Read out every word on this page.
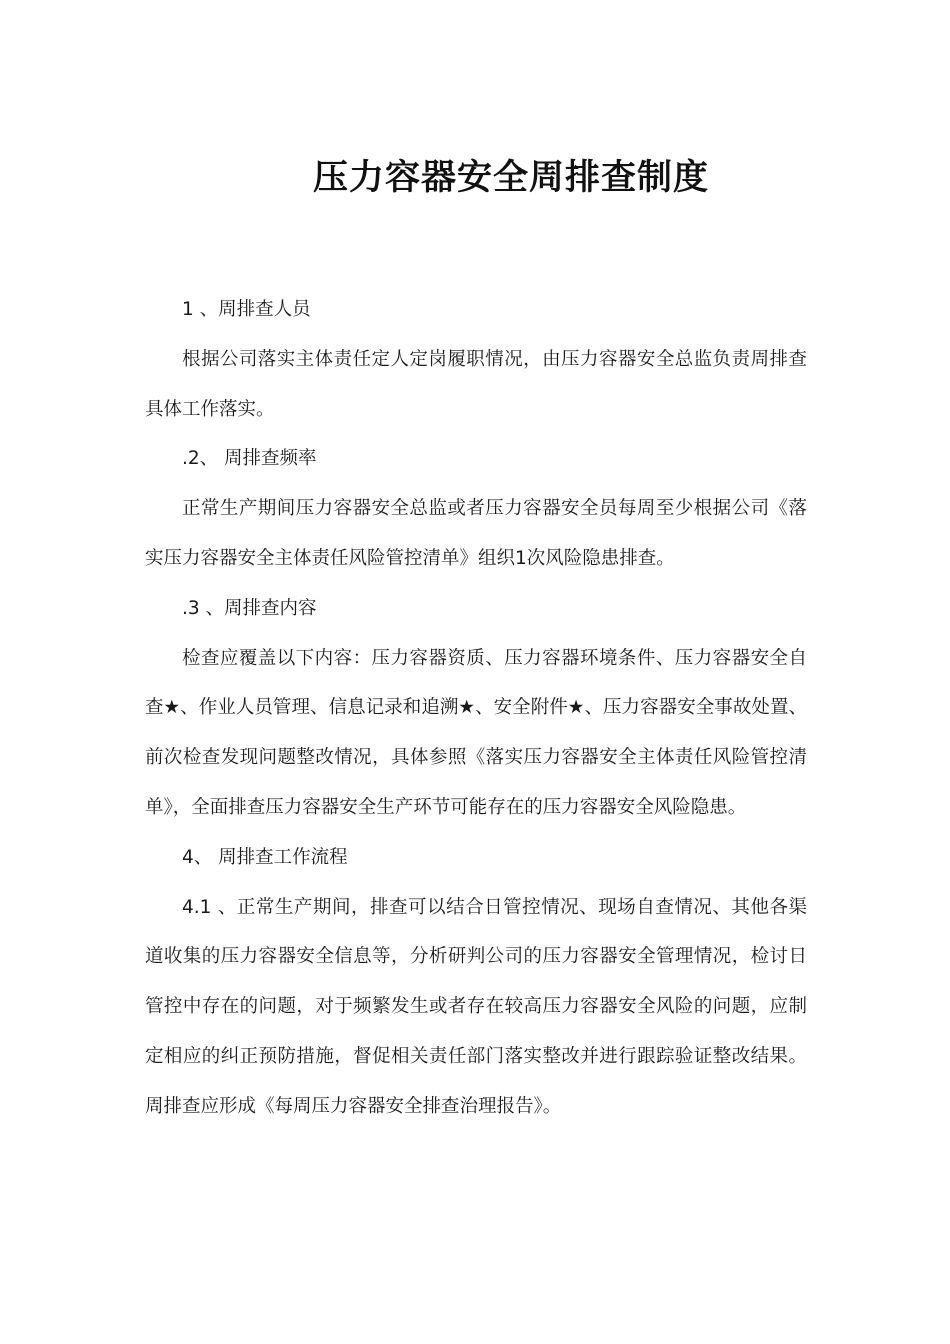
压力容器安全周排查制度

1 、周排查人员

根据公司落实主体责任定人定岗履职情况，由压力容器安全总监负责周排查具体工作落实。

.2、 周排查频率

正常生产期间压力容器安全总监或者压力容器安全员每周至少根据公司《落实压力容器安全主体责任风险管控清单》组织1次风险隐患排查。

.3 、周排查内容

检查应覆盖以下内容：压力容器资质、压力容器环境条件、压力容器安全自查★、作业人员管理、信息记录和追溯★、安全附件★、压力容器安全事故处置、前次检查发现问题整改情况，具体参照《落实压力容器安全主体责任风险管控清单》，全面排查压力容器安全生产环节可能存在的压力容器安全风险隐患。

4、 周排查工作流程

4.1 、正常生产期间，排查可以结合日管控情况、现场自查情况、其他各渠道收集的压力容器安全信息等，分析研判公司的压力容器安全管理情况，检讨日管控中存在的问题，对于频繁发生或者存在较高压力容器安全风险的问题，应制定相应的纠正预防措施，督促相关责任部门落实整改并进行跟踪验证整改结果。周排查应形成《每周压力容器安全排查治理报告》。
